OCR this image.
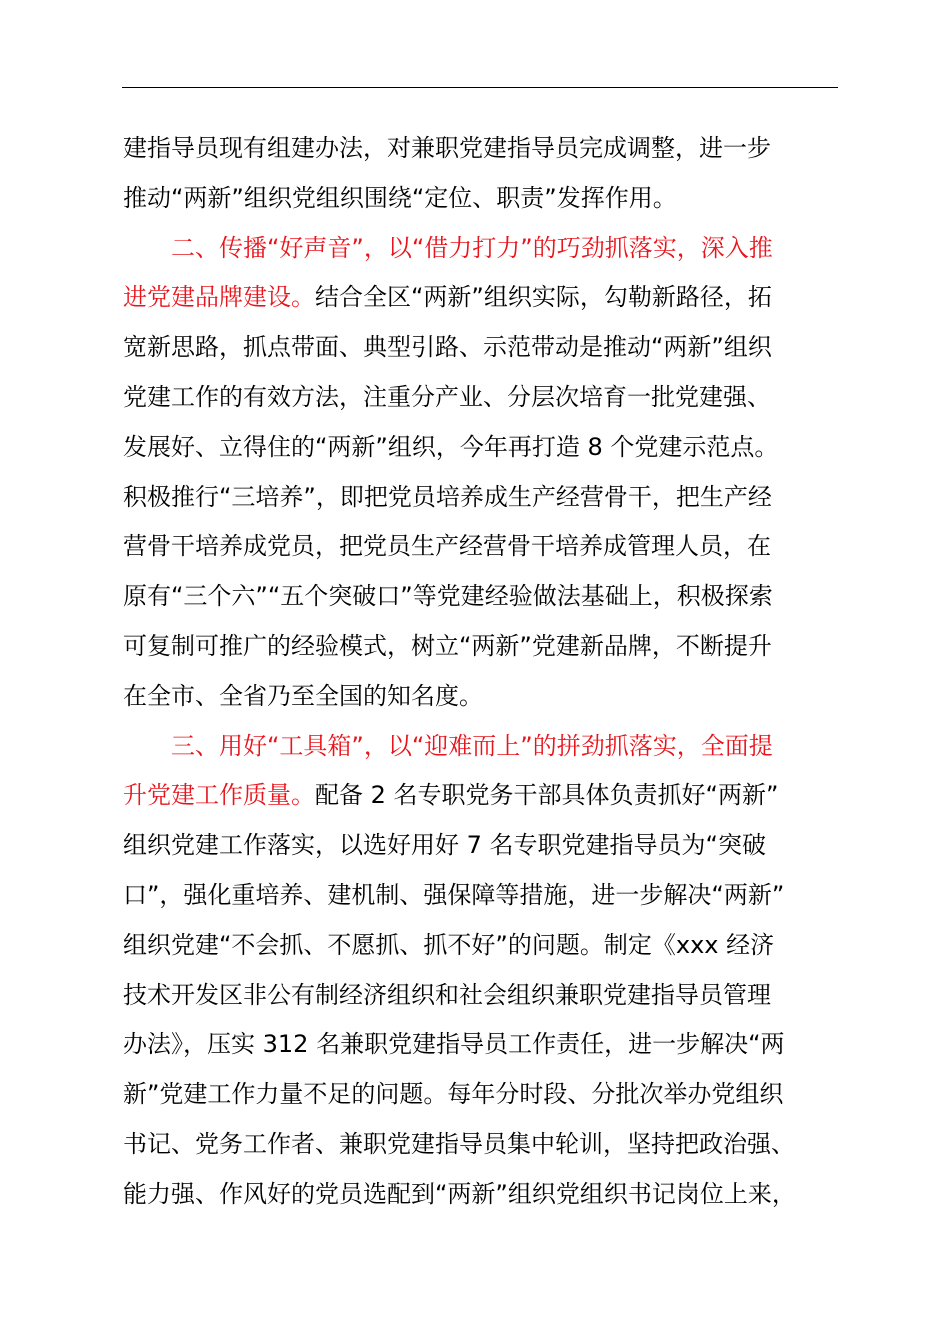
建指导员现有组建办法，对兼职党建指导员完成调整，进一步
推动“两新”组织党组织围绕“定位、职责”发挥作用。
二、传播“好声音”，以“借力打力”的巧劲抓落实，深入推
进党建品牌建设。结合全区“两新”组织实际，勾勒新路径，拓
宽新思路，抓点带面、典型引路、示范带动是推动“两新”组织
党建工作的有效方法，注重分产业、分层次培育一批党建强、
发展好、立得住的“两新”组织，今年再打造 8 个党建示范点。
积极推行“三培养”，即把党员培养成生产经营骨干，把生产经
营骨干培养成党员，把党员生产经营骨干培养成管理人员，在
原有“三个六”“五个突破口”等党建经验做法基础上，积极探索
可复制可推广的经验模式，树立“两新”党建新品牌，不断提升
在全市、全省乃至全国的知名度。
三、用好“工具箱”，以“迎难而上”的拼劲抓落实，全面提
升党建工作质量。配备 2 名专职党务干部具体负责抓好“两新”
组织党建工作落实，以选好用好 7 名专职党建指导员为“突破
口”，强化重培养、建机制、强保障等措施，进一步解决“两新”
组织党建“不会抓、不愿抓、抓不好”的问题。制定《xxx 经济
技术开发区非公有制经济组织和社会组织兼职党建指导员管理
办法》，压实 312 名兼职党建指导员工作责任，进一步解决“两
新”党建工作力量不足的问题。每年分时段、分批次举办党组织
书记、党务工作者、兼职党建指导员集中轮训，坚持把政治强、
能力强、作风好的党员选配到“两新”组织党组织书记岗位上来，
